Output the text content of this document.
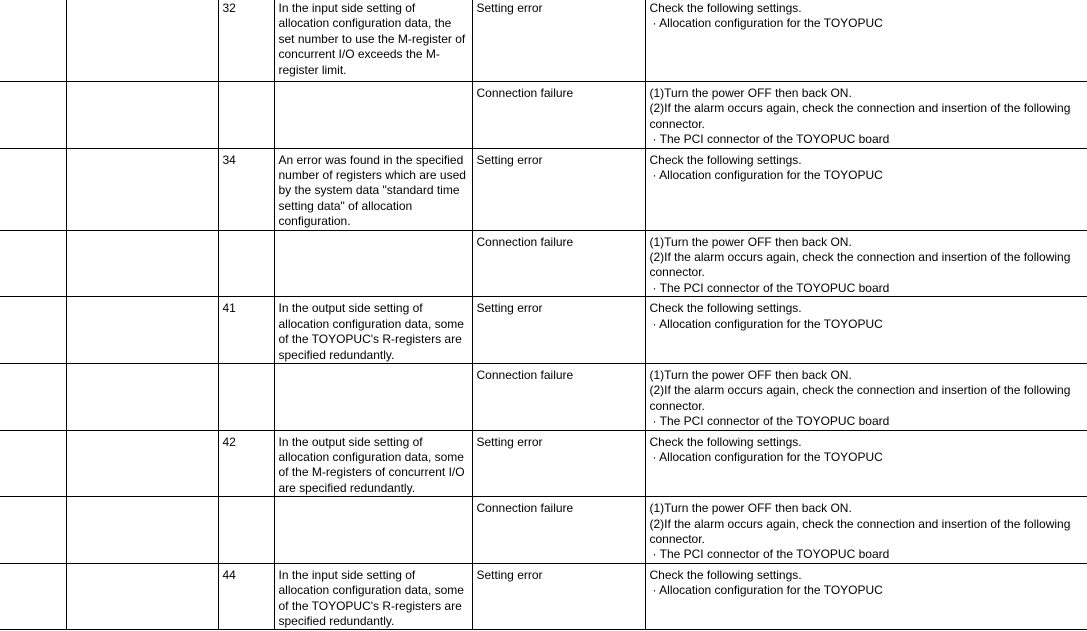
		32	In the input side setting of allocation configuration data, the set number to use the M-register of concurrent I/O exceeds the M-register limit.	Setting error	Check the following settings.
· Allocation configuration for the TOYOPUC

				Connection failure	(1)Turn the power OFF then back ON.
(2)If the alarm occurs again, check the connection and insertion of the following connector.
· The PCI connector of the TOYOPUC board

		34	An error was found in the specified number of registers which are used by the system data "standard time setting data" of allocation configuration.	Setting error	Check the following settings.
· Allocation configuration for the TOYOPUC

				Connection failure	(1)Turn the power OFF then back ON.
(2)If the alarm occurs again, check the connection and insertion of the following connector.
· The PCI connector of the TOYOPUC board

		41	In the output side setting of allocation configuration data, some of the TOYOPUC's R-registers are specified redundantly.	Setting error	Check the following settings.
· Allocation configuration for the TOYOPUC

				Connection failure	(1)Turn the power OFF then back ON.
(2)If the alarm occurs again, check the connection and insertion of the following connector.
· The PCI connector of the TOYOPUC board

		42	In the output side setting of allocation configuration data, some of the M-registers of concurrent I/O are specified redundantly.	Setting error	Check the following settings.
· Allocation configuration for the TOYOPUC

				Connection failure	(1)Turn the power OFF then back ON.
(2)If the alarm occurs again, check the connection and insertion of the following connector.
· The PCI connector of the TOYOPUC board

		44	In the input side setting of allocation configuration data, some of the TOYOPUC's R-registers are specified redundantly.	Setting error	Check the following settings.
· Allocation configuration for the TOYOPUC
